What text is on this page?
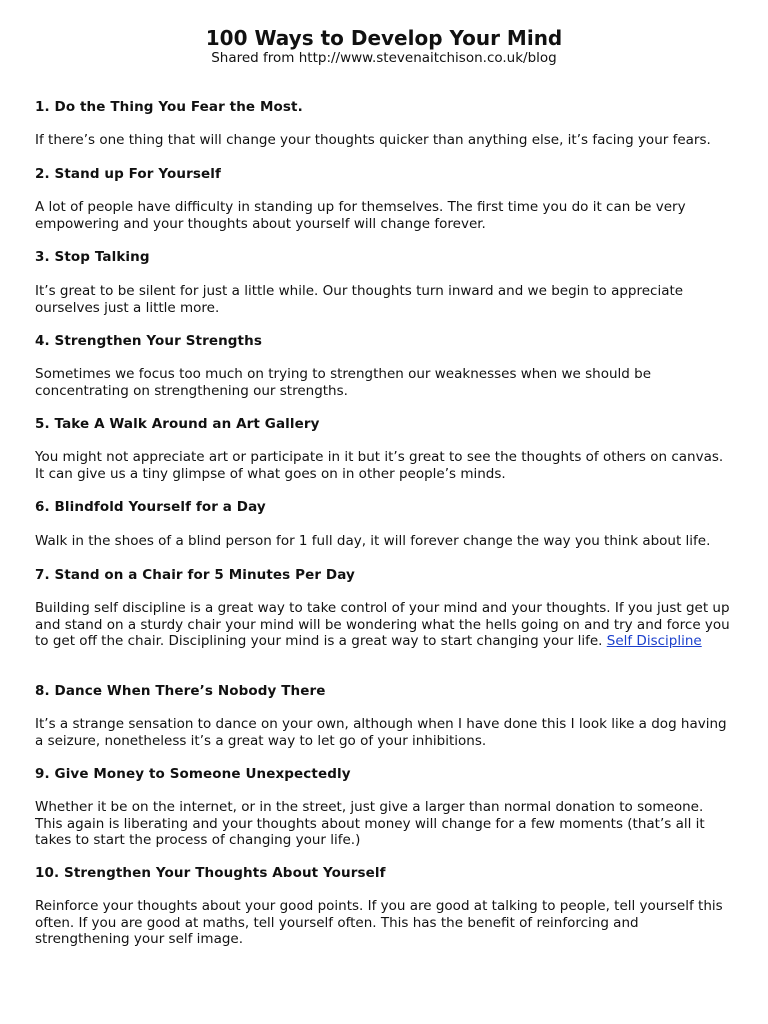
100 Ways to Develop Your Mind

Shared from http://www.stevenaitchison.co.uk/blog

1. Do the Thing You Fear the Most.
If there’s one thing that will change your thoughts quicker than anything else, it’s facing your fears.
2. Stand up For Yourself
A lot of people have difficulty in standing up for themselves. The first time you do it can be very empowering and your thoughts about yourself will change forever.
3. Stop Talking
It’s great to be silent for just a little while. Our thoughts turn inward and we begin to appreciate ourselves just a little more.
4. Strengthen Your Strengths
Sometimes we focus too much on trying to strengthen our weaknesses when we should be concentrating on strengthening our strengths.
5. Take A Walk Around an Art Gallery
You might not appreciate art or participate in it but it’s great to see the thoughts of others on canvas. It can give us a tiny glimpse of what goes on in other people’s minds.
6. Blindfold Yourself for a Day
Walk in the shoes of a blind person for 1 full day, it will forever change the way you think about life.
7. Stand on a Chair for 5 Minutes Per Day
Building self discipline is a great way to take control of your mind and your thoughts. If you just get up and stand on a sturdy chair your mind will be wondering what the hells going on and try and force you to get off the chair. Disciplining your mind is a great way to start changing your life. Self Discipline
8. Dance When There’s Nobody There
It’s a strange sensation to dance on your own, although when I have done this I look like a dog having a seizure, nonetheless it’s a great way to let go of your inhibitions.
9. Give Money to Someone Unexpectedly
Whether it be on the internet, or in the street, just give a larger than normal donation to someone. This again is liberating and your thoughts about money will change for a few moments (that’s all it takes to start the process of changing your life.)
10. Strengthen Your Thoughts About Yourself
Reinforce your thoughts about your good points. If you are good at talking to people, tell yourself this often. If you are good at maths, tell yourself often. This has the benefit of reinforcing and strengthening your self image.
